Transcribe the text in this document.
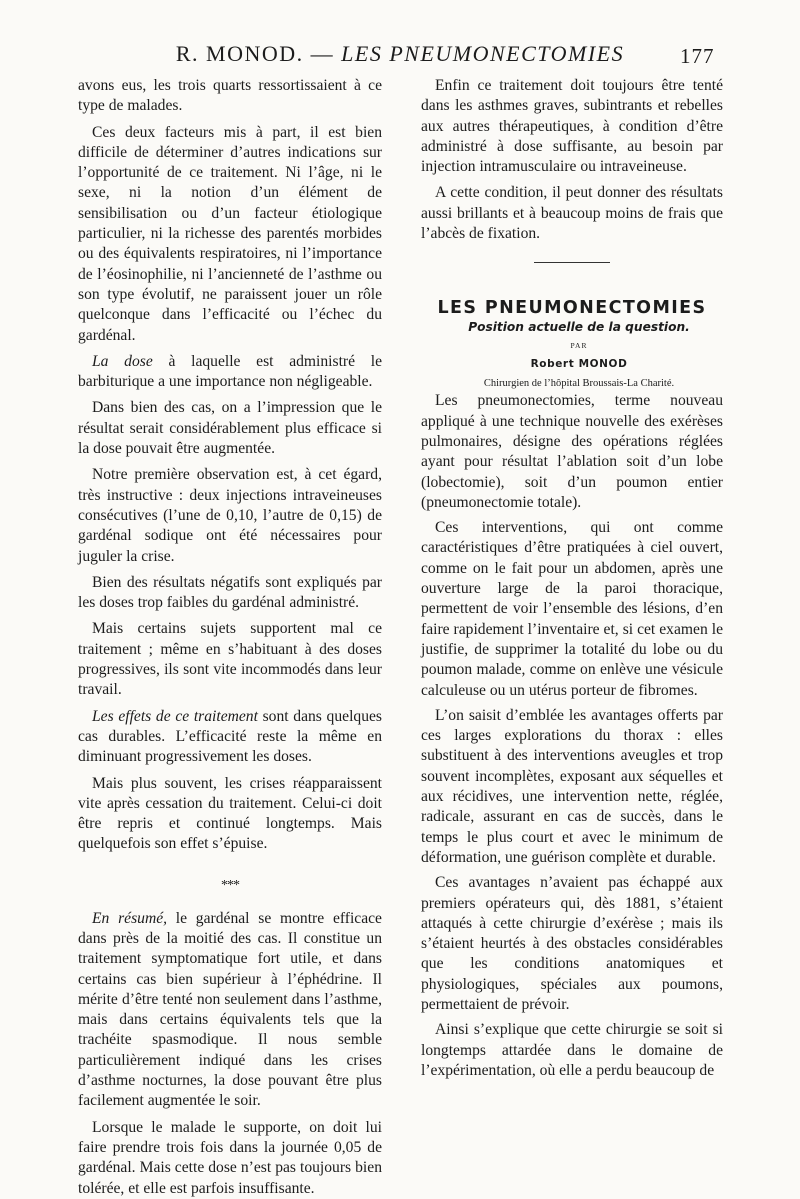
R. MONOD. — LES PNEUMONECTOMIES	177

avons eus, les trois quarts ressortissaient à ce type de malades.

Ces deux facteurs mis à part, il est bien difficile de déterminer d’autres indications sur l’opportunité de ce traitement. Ni l’âge, ni le sexe, ni la notion d’un élément de sensibilisation ou d’un facteur étiologique particulier, ni la richesse des parentés morbides ou des équivalents respiratoires, ni l’importance de l’éosinophilie, ni l’ancienneté de l’asthme ou son type évolutif, ne paraissent jouer un rôle quelconque dans l’efficacité ou l’échec du gardénal.

La dose à laquelle est administré le barbiturique a une importance non négligeable.

Dans bien des cas, on a l’impression que le résultat serait considérablement plus efficace si la dose pouvait être augmentée.

Notre première observation est, à cet égard, très instructive : deux injections intraveineuses consécutives (l’une de 0,10, l’autre de 0,15) de gardénal sodique ont été nécessaires pour juguler la crise.

Bien des résultats négatifs sont expliqués par les doses trop faibles du gardénal administré.

Mais certains sujets supportent mal ce traitement ; même en s’habituant à des doses progressives, ils sont vite incommodés dans leur travail.

Les effets de ce traitement sont dans quelques cas durables. L’efficacité reste la même en diminuant progressivement les doses.

Mais plus souvent, les crises réapparaissent vite après cessation du traitement. Celui-ci doit être repris et continué longtemps. Mais quelquefois son effet s’épuise.

***

En résumé, le gardénal se montre efficace dans près de la moitié des cas. Il constitue un traitement symptomatique fort utile, et dans certains cas bien supérieur à l’éphédrine. Il mérite d’être tenté non seulement dans l’asthme, mais dans certains équivalents tels que la trachéite spasmodique. Il nous semble particulièrement indiqué dans les crises d’asthme nocturnes, la dose pouvant être plus facilement augmentée le soir.

Lorsque le malade le supporte, on doit lui faire prendre trois fois dans la journée 0,05 de gardénal. Mais cette dose n’est pas toujours bien tolérée, et elle est parfois insuffisante.

Enfin ce traitement doit toujours être tenté dans les asthmes graves, subintrants et rebelles aux autres thérapeutiques, à condition d’être administré à dose suffisante, au besoin par injection intramusculaire ou intraveineuse.

A cette condition, il peut donner des résultats aussi brillants et à beaucoup moins de frais que l’abcès de fixation.

LES PNEUMONECTOMIES

Position actuelle de la question.

PAR

Robert MONOD

Chirurgien de l’hôpital Broussais-La Charité.

Les pneumonectomies, terme nouveau appliqué à une technique nouvelle des exérèses pulmonaires, désigne des opérations réglées ayant pour résultat l’ablation soit d’un lobe (lobectomie), soit d’un poumon entier (pneumonectomie totale).

Ces interventions, qui ont comme caractéristiques d’être pratiquées à ciel ouvert, comme on le fait pour un abdomen, après une ouverture large de la paroi thoracique, permettent de voir l’ensemble des lésions, d’en faire rapidement l’inventaire et, si cet examen le justifie, de supprimer la totalité du lobe ou du poumon malade, comme on enlève une vésicule calculeuse ou un utérus porteur de fibromes.

L’on saisit d’emblée les avantages offerts par ces larges explorations du thorax : elles substituent à des interventions aveugles et trop souvent incomplètes, exposant aux séquelles et aux récidives, une intervention nette, réglée, radicale, assurant en cas de succès, dans le temps le plus court et avec le minimum de déformation, une guérison complète et durable.

Ces avantages n’avaient pas échappé aux premiers opérateurs qui, dès 1881, s’étaient attaqués à cette chirurgie d’exérèse ; mais ils s’étaient heurtés à des obstacles considérables que les conditions anatomiques et physiologiques, spéciales aux poumons, permettaient de prévoir.

Ainsi s’explique que cette chirurgie se soit si longtemps attardée dans le domaine de l’expérimentation, où elle a perdu beaucoup de
